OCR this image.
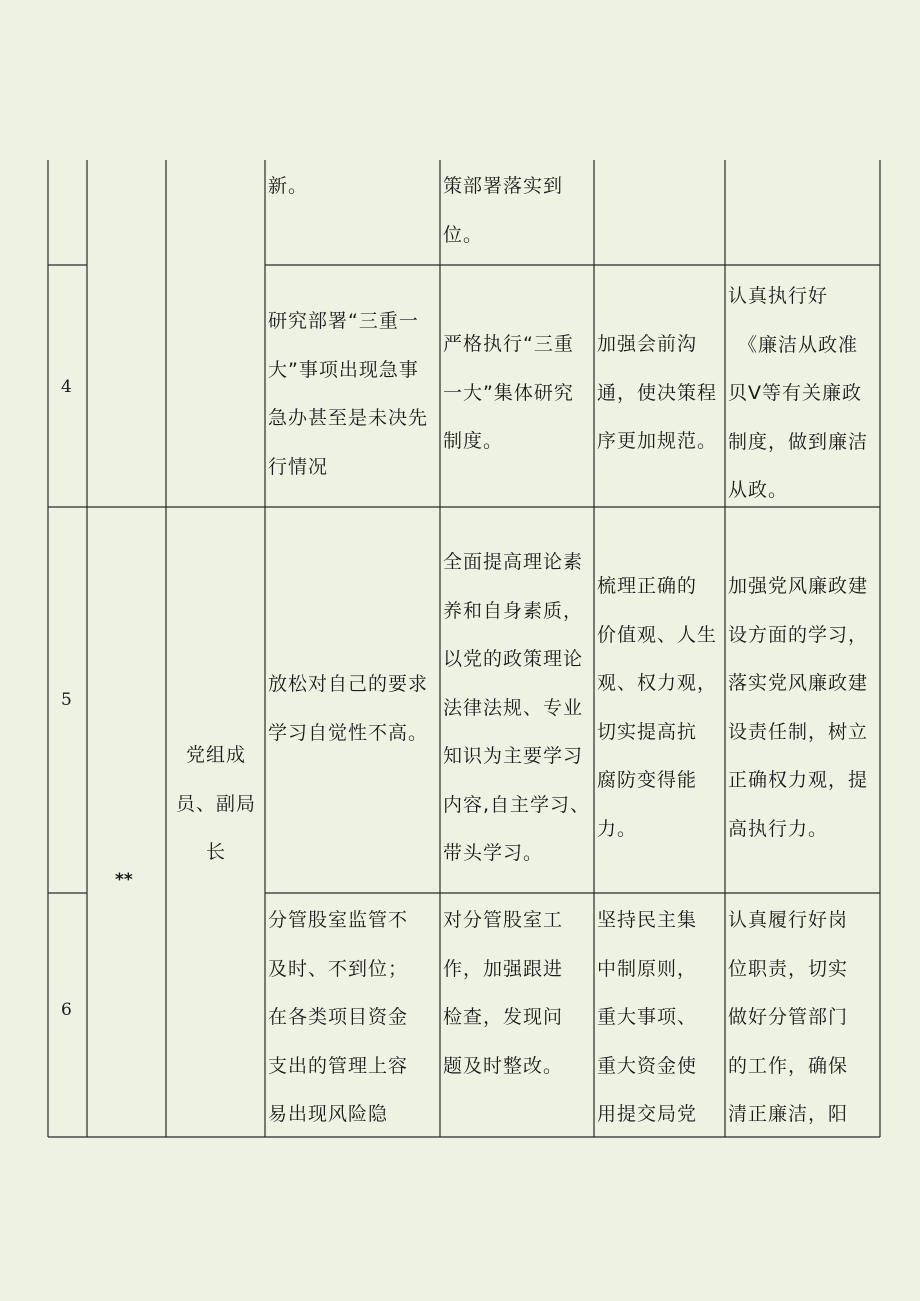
新。	策部署落实到
位。
4
研究部署“三重一
大”事项出现急事
急办甚至是未决先
行情况
严格执行“三重
一大”集体研究
制度。
加强会前沟
通，使决策程
序更加规范。
认真执行好
《廉洁从政准
贝V等有关廉政
制度，做到廉洁
从政。
5
**
党组成
员、副局
长
放松对自己的要求
学习自觉性不高。
全面提高理论素
养和自身素质，
以党的政策理论
法律法规、专业
知识为主要学习
内容,自主学习、
带头学习。
梳理正确的
价值观、人生
观、权力观，
切实提高抗
腐防变得能
力。
加强党风廉政建
设方面的学习，
落实党风廉政建
设责任制，树立
正确权力观，提
高执行力。
6
分管股室监管不
及时、不到位；
在各类项目资金
支出的管理上容
易出现风险隐
对分管股室工
作，加强跟进
检查，发现问
题及时整改。
坚持民主集
中制原则，
重大事项、
重大资金使
用提交局党
认真履行好岗
位职责，切实
做好分管部门
的工作，确保
清正廉洁，阳
